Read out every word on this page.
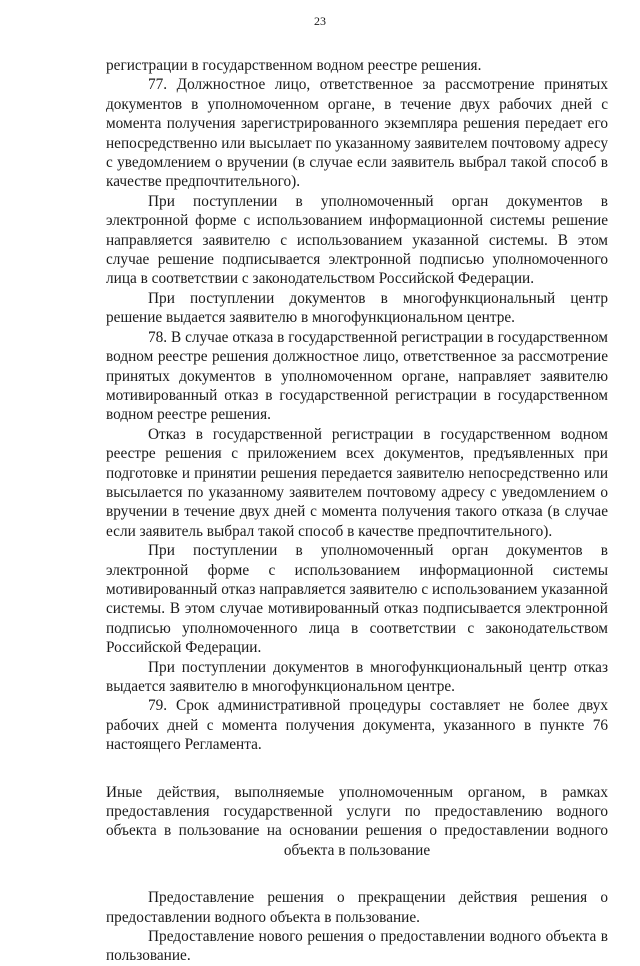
23

регистрации в государственном водном реестре решения.

77. Должностное лицо, ответственное за рассмотрение принятых документов в уполномоченном органе, в течение двух рабочих дней с момента получения зарегистрированного экземпляра решения передает его непосредственно или высылает по указанному заявителем почтовому адресу с уведомлением о вручении (в случае если заявитель выбрал такой способ в качестве предпочтительного).

При поступлении в уполномоченный орган документов в электронной форме с использованием информационной системы решение направляется заявителю с использованием указанной системы. В этом случае решение подписывается электронной подписью уполномоченного лица в соответствии с законодательством Российской Федерации.

При поступлении документов в многофункциональный центр решение выдается заявителю в многофункциональном центре.

78. В случае отказа в государственной регистрации в государственном водном реестре решения должностное лицо, ответственное за рассмотрение принятых документов в уполномоченном органе, направляет заявителю мотивированный отказ в государственной регистрации в государственном водном реестре решения.

Отказ в государственной регистрации в государственном водном реестре решения с приложением всех документов, предъявленных при подготовке и принятии решения передается заявителю непосредственно или высылается по указанному заявителем почтовому адресу с уведомлением о вручении в течение двух дней с момента получения такого отказа (в случае если заявитель выбрал такой способ в качестве предпочтительного).

При поступлении в уполномоченный орган документов в электронной форме с использованием информационной системы мотивированный отказ направляется заявителю с использованием указанной системы. В этом случае мотивированный отказ подписывается электронной подписью уполномоченного лица в соответствии с законодательством Российской Федерации.

При поступлении документов в многофункциональный центр отказ выдается заявителю в многофункциональном центре.

79. Срок административной процедуры составляет не более двух рабочих дней с момента получения документа, указанного в пункте 76 настоящего Регламента.

Иные действия, выполняемые уполномоченным органом, в рамках предоставления государственной услуги по предоставлению водного объекта в пользование на основании решения о предоставлении водного объекта в пользование

Предоставление решения о прекращении действия решения о предоставлении водного объекта в пользование.

Предоставление нового решения о предоставлении водного объекта в пользование.
